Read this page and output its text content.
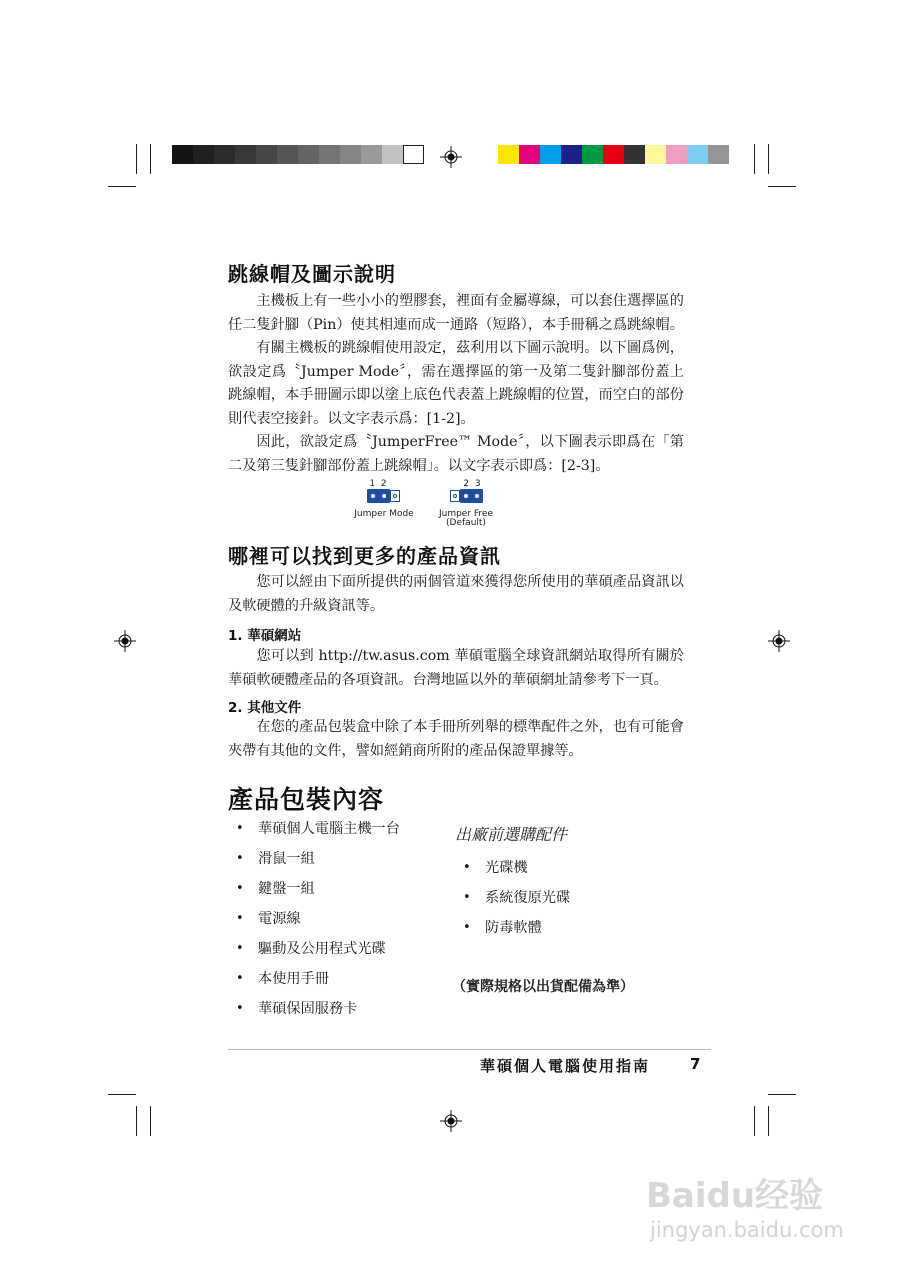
跳線帽及圖示說明

主機板上有一些小小的塑膠套，裡面有金屬導線，可以套住選擇區的任二隻針腳（Pin）使其相連而成一通路（短路），本手冊稱之爲跳線帽。

有關主機板的跳線帽使用設定，茲利用以下圖示說明。以下圖爲例，欲設定爲〝Jumper Mode〞，需在選擇區的第一及第二隻針腳部份蓋上跳線帽，本手冊圖示即以塗上底色代表蓋上跳線帽的位置，而空白的部份則代表空接針。以文字表示爲：[1-2]。

因此，欲設定爲〝JumperFree™ Mode〞，以下圖表示即爲在「第二及第三隻針腳部份蓋上跳線帽」。以文字表示即爲：[2-3]。

1  2
Jumper Mode
2  3
Jumper Free
(Default)
哪裡可以找到更多的產品資訊

您可以經由下面所提供的兩個管道來獲得您所使用的華碩產品資訊以及軟硬體的升級資訊等。

1. 華碩網站

您可以到 http://tw.asus.com 華碩電腦全球資訊網站取得所有關於華碩軟硬體產品的各項資訊。台灣地區以外的華碩網址請參考下一頁。

2. 其他文件

在您的產品包裝盒中除了本手冊所列舉的標準配件之外，也有可能會夾帶有其他的文件，譬如經銷商所附的產品保證單據等。

產品包裝內容
• 華碩個人電腦主機一台
• 滑鼠一組
• 鍵盤一組
• 電源線
• 驅動及公用程式光碟
• 本使用手冊
• 華碩保固服務卡
出廠前選購配件
• 光碟機
• 系統復原光碟
• 防毒軟體
（實際規格以出貨配備為準）
華碩個人電腦使用指南	7
Baidu经验
jingyan.baidu.com
